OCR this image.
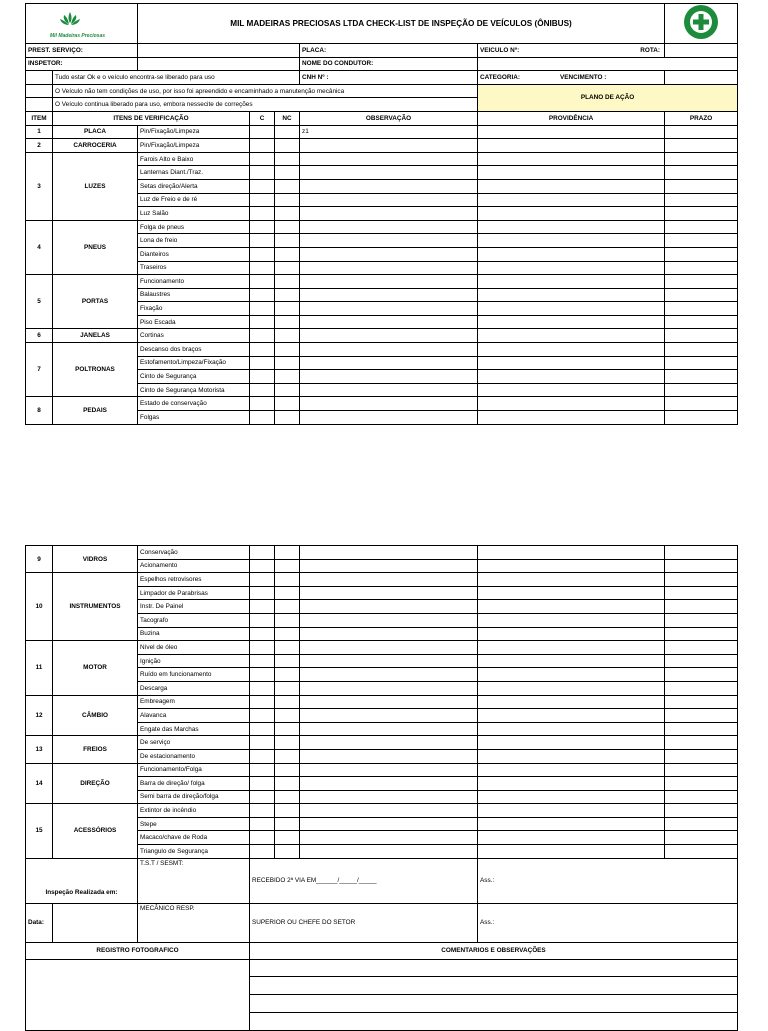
Mil Madeiras Preciosas		MIL MADEIRAS PRECIOSAS LTDA CHECK-LIST DE INSPEÇÃO DE VEÍCULOS (ÔNIBUS)	
PREST. SERVIÇO:					PLACA:	VEICULO Nº: ROTA:	

INSPETOR:					NOME DO CONDUTOR:		
	Tudo estar Ok e o veículo encontra-se liberado para uso				CNH Nº :	CATEGORIA: VENCIMENTO :	
	O Veículo não tem condições de uso, por isso foi apreendido e encaminhado a manutenção mecânica					PLANO DE AÇÃO	
	O Veículo continua liberado para uso, embora nessecite de correções						
ITEM	ITENS DE VERIFICAÇÃO		C	NC	OBSERVAÇÃO	PROVIDÊNCIA	PRAZO
1	PLACA	Pin/Fixação/Limpeza			z1		
2	CARROCERIA	Pin/Fixação/Limpeza					
3	LUZES	Farois Alto e Baixo					
		Lanternas Diant./Traz.					
		Setas direção/Alerta					
		Luz de Freio e de ré					
		Luz Salão					
4	PNEUS	Folga de pneus					
		Lona de freio					
		Dianteiros					
		Traseiros					
5	PORTAS	Funcionamento					
		Balaustres					
		Fixação					
		Piso Escada					
6	JANELAS	Cortinas					
7	POLTRONAS	Descanso dos braços					
		Estofamento/Limpeza/Fixação					
		Cinto de Segurança					
		Cinto de Segurança Motorista					
8	PEDAIS	Estado de conservação					
		Folgas					
9	VIDROS	Conservação					
		Acionamento					
10	INSTRUMENTOS	Espelhos retrovisores					
		Limpador de Parabrisas					
		Instr. De Painel					
		Tacografo					
		Buzina					
11	MOTOR	Nível de óleo					
		Ignição					
		Ruído em funcionamento					
		Descarga					
12	CÂMBIO	Embreagem					
		Alavanca					
		Engate das Marchas					
13	FREIOS	De serviço					
		De estacionamento					
14	DIREÇÃO	Funcionamento/Folga					
		Barra de direção/ folga					
		Semi barra de direção/folga					
15	ACESSÓRIOS	Extintor de incêndio					
		Stepe					
		Macaco/chave de Roda					
		Triangulo de Segurança					
Inspeção Realizada em:		T.S.T / SESMT:	RECEBIDO 2ª VIA EM______/_____/_____			Ass.:	
Data:		MECÂNICO RESP.	SUPERIOR OU CHEFE DO SETOR			Ass.:	
REGISTRO FOTOGRAFICO			COMENTARIOS E OBSERVAÇÕES				
